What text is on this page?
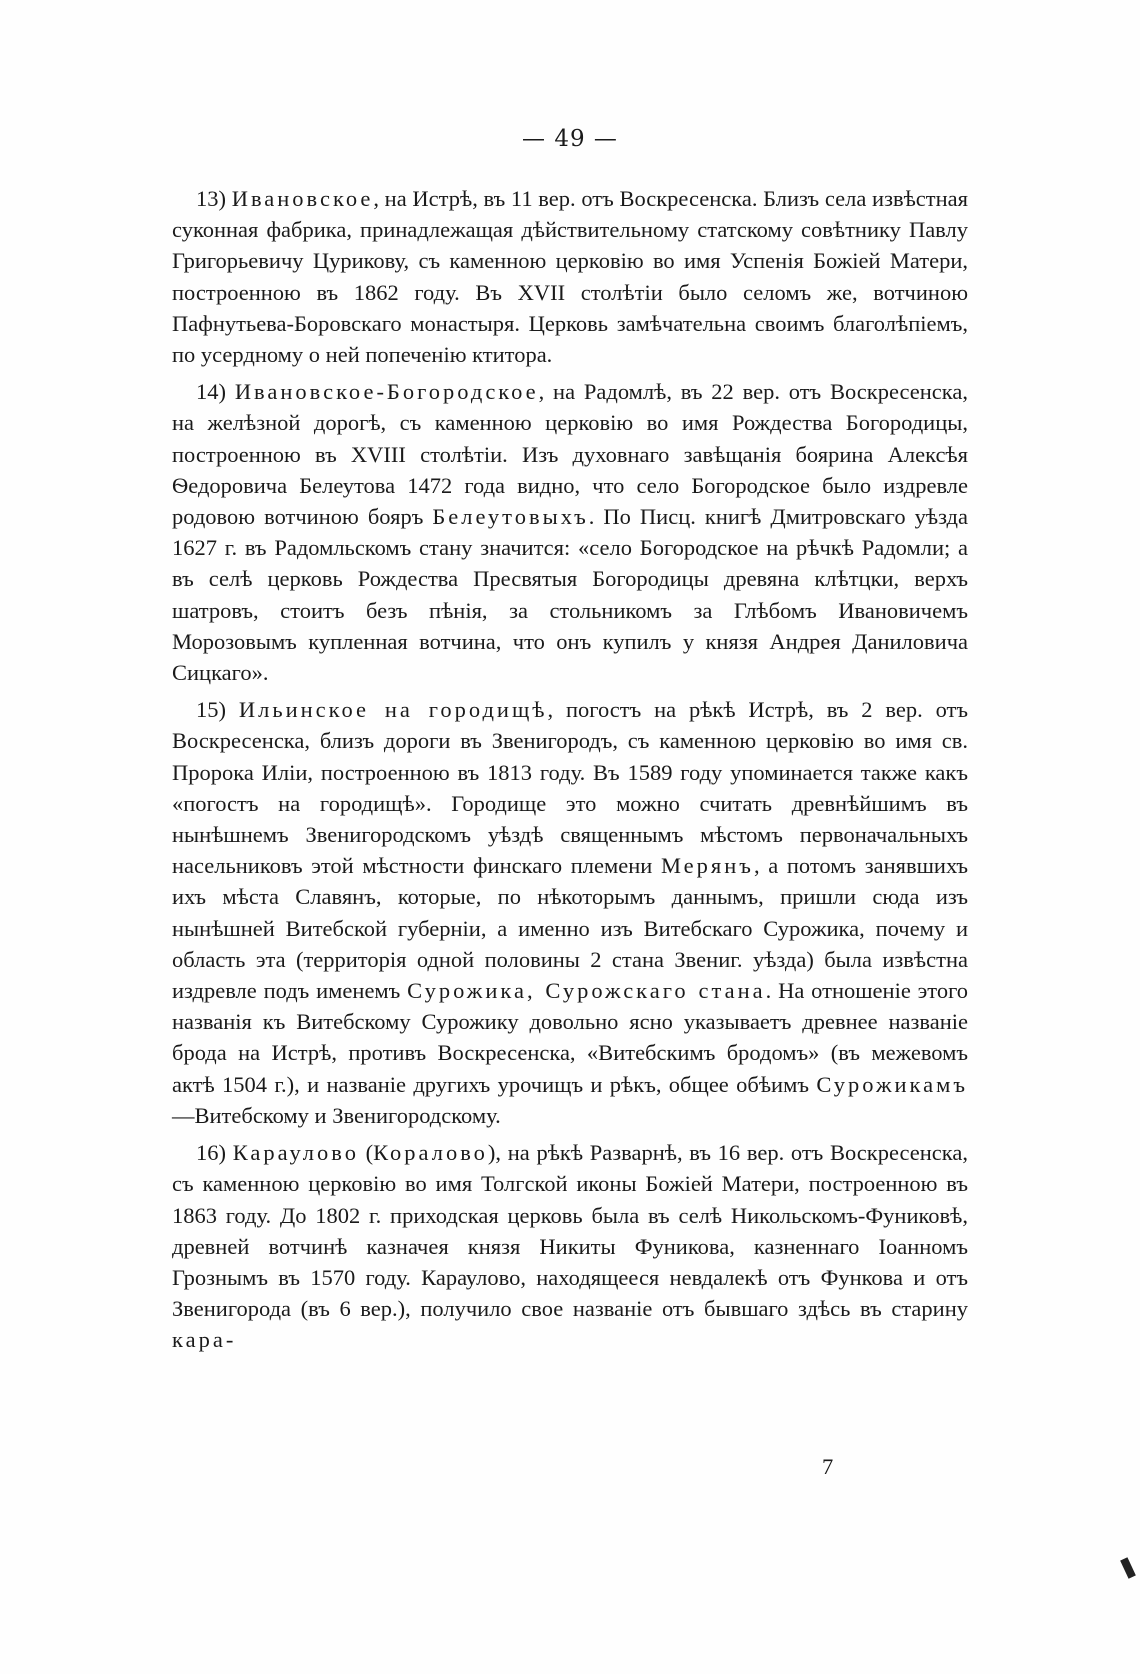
— 49 —

13) Ивановское, на Истрѣ, въ 11 вер. отъ Воскресенска. Близъ села извѣстная суконная фабрика, принадлежащая дѣйствительному статскому совѣтнику Павлу Григорьевичу Цурикову, съ каменною церковію во имя Успенія Божіей Матери, построенною въ 1862 году. Въ XVII столѣтіи было селомъ же, вотчиною Пафнутьева-Боровскаго монастыря. Церковь замѣчательна своимъ благолѣпіемъ, по усердному о ней попеченію ктитора.

14) Ивановское-Богородское, на Радомлѣ, въ 22 вер. отъ Воскресенска, на желѣзной дорогѣ, съ каменною церковію во имя Рождества Богородицы, построенною въ XVIII столѣтіи. Изъ духовнаго завѣщанія боярина Алексѣя Ѳедоровича Белеутова 1472 года видно, что село Богородское было издревле родовою вотчиною бояръ Белеутовыхъ. По Писц. книгѣ Дмитровскаго уѣзда 1627 г. въ Радомльскомъ стану значится: «село Богородское на рѣчкѣ Радомли; а въ селѣ церковь Рождества Пресвятыя Богородицы древяна клѣтцки, верхъ шатровъ, стоитъ безъ пѣнія, за стольникомъ за Глѣбомъ Ивановичемъ Морозовымъ купленная вотчина, что онъ купилъ у князя Андрея Даниловича Сицкаго».

15) Ильинское на городищѣ, погостъ на рѣкѣ Истрѣ, въ 2 вер. отъ Воскресенска, близъ дороги въ Звенигородъ, съ каменною церковію во имя св. Пророка Иліи, построенною въ 1813 году. Въ 1589 году упоминается также какъ «погостъ на городищѣ». Городище это можно считать древнѣйшимъ въ нынѣшнемъ Звенигородскомъ уѣздѣ священнымъ мѣстомъ первоначальныхъ насельниковъ этой мѣстности финскаго племени Мерянъ, а потомъ занявшихъ ихъ мѣста Славянъ, которые, по нѣкоторымъ даннымъ, пришли сюда изъ нынѣшней Витебской губерніи, а именно изъ Витебскаго Сурожика, почему и область эта (территорія одной половины 2 стана Звениг. уѣзда) была извѣстна издревле подъ именемъ Сурожика, Сурожскаго стана. На отношеніе этого названія къ Витебскому Сурожику довольно ясно указываетъ древнее названіе брода на Истрѣ, противъ Воскресенска, «Витебскимъ бродомъ» (въ межевомъ актѣ 1504 г.), и названіе другихъ урочищъ и рѣкъ, общее обѣимъ Сурожикамъ—Витебскому и Звенигородскому.

16) Караулово (Коралово), на рѣкѣ Разварнѣ, въ 16 вер. отъ Воскресенска, съ каменною церковію во имя Толгской иконы Божіей Матери, построенною въ 1863 году. До 1802 г. приходская церковь была въ селѣ Никольскомъ-Фуниковѣ, древней вотчинѣ казначея князя Никиты Фуникова, казненнаго Іоанномъ Грознымъ въ 1570 году. Караулово, находящееся невдалекѣ отъ Функова и отъ Звенигорода (въ 6 вер.), получило свое названіе отъ бывшаго здѣсь въ старину кара-

7
